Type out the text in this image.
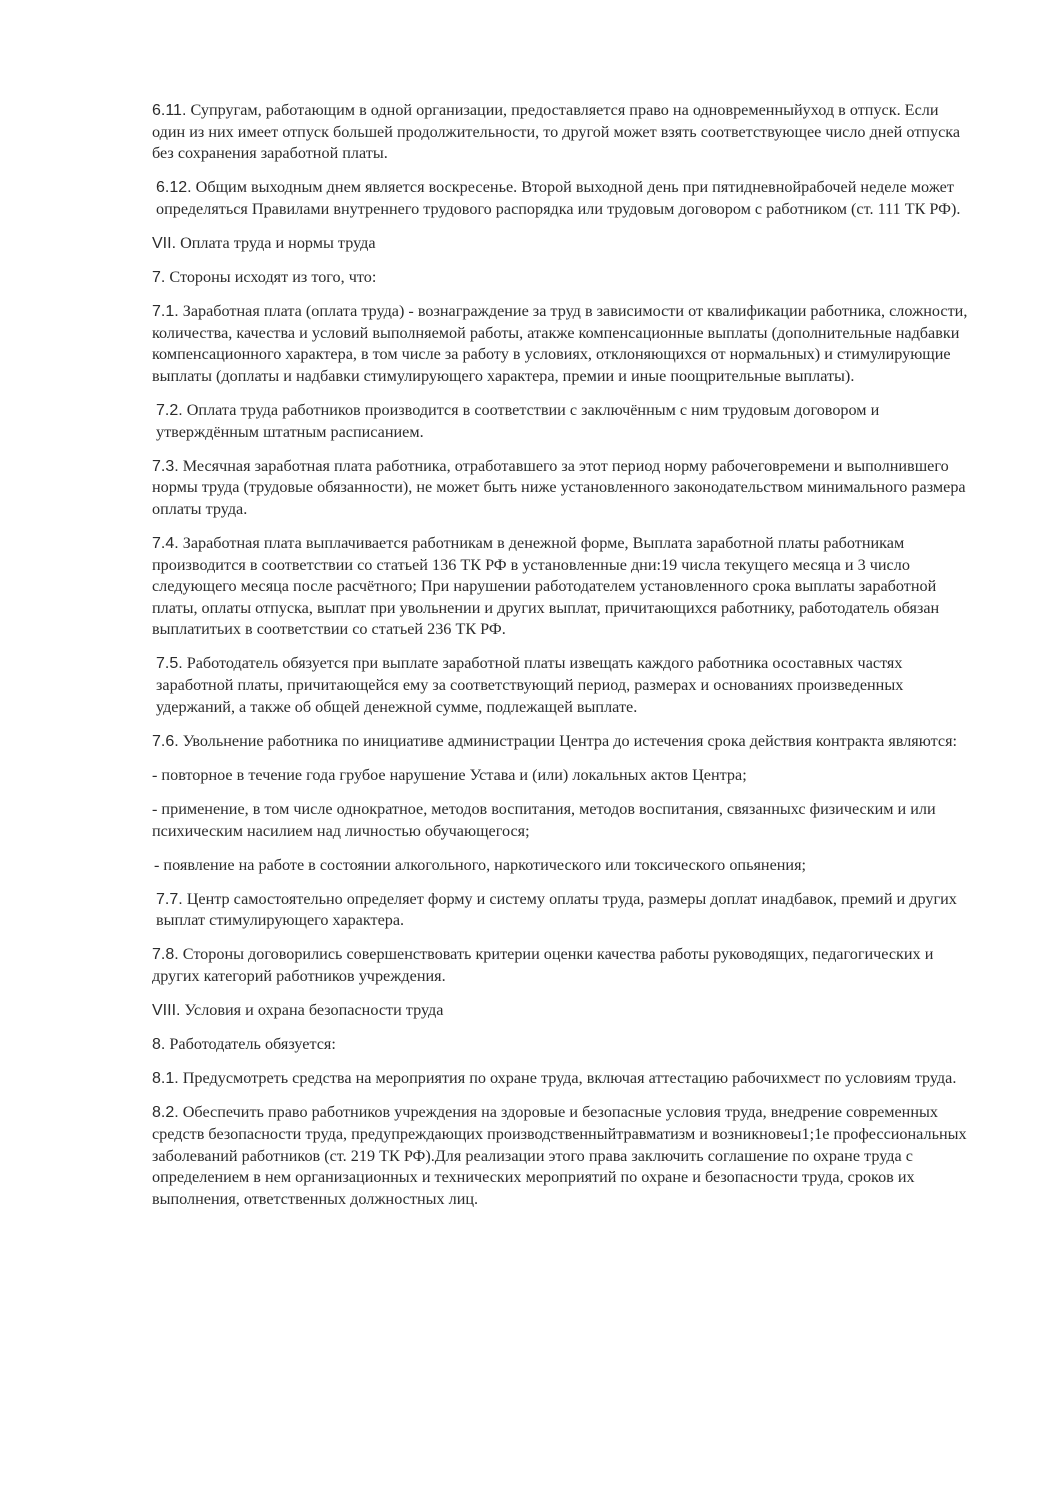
6.11. Супругам, работающим в одной организации, предоставляется право на одновременныйуход в отпуск. Если один из них имеет отпуск большей продолжительности, то другой может взять соответствующее число дней отпуска без сохранения заработной платы.

6.12. Общим выходным днем является воскресенье. Второй выходной день при пятидневнойрабочей неделе может определяться Правилами внутреннего трудового распорядка или трудовым договором с работником (ст. 111 ТК РФ).

VII. Оплата труда и нормы труда

7. Стороны исходят из того, что:

7.1. Заработная плата (оплата труда) - вознаграждение за труд в зависимости от квалификации работника, сложности, количества, качества и условий выполняемой работы, атакже компенсационные выплаты (дополнительные надбавки компенсационного характера, в том числе за работу в условиях, отклоняющихся от нормальных) и стимулирующие выплаты (доплаты и надбавки стимулирующего характера, премии и иные поощрительные выплаты).

7.2. Оплата труда работников производится в соответствии с заключённым с ним трудовым договором и утверждённым штатным расписанием.

7.3. Месячная заработная плата работника, отработавшего за этот период норму рабочеговремени и выполнившего нормы труда (трудовые обязанности), не может быть ниже установленного законодательством минимального размера оплаты труда.

7.4. Заработная плата выплачивается работникам в денежной форме, Выплата заработной платы работникам производится в соответствии со статьей 136 ТК РФ в установленные дни:19 числа текущего месяца и 3 число следующего месяца после расчётного; При нарушении работодателем установленного срока выплаты заработной платы, оплаты отпуска, выплат при увольнении и других выплат, причитающихся работнику, работодатель обязан выплатитьих в соответствии со статьей 236 ТК РФ.

7.5. Работодатель обязуется при выплате заработной платы извещать каждого работника осоставных частях заработной платы, причитающейся ему за соответствующий период, размерах и основаниях произведенных удержаний, а также об общей денежной сумме, подлежащей выплате.

7.6. Увольнение работника по инициативе администрации Центра до истечения срока действия контракта являются:

- повторное в течение года грубое нарушение Устава и (или) локальных актов Центра;

- применение, в том числе однократное, методов воспитания, методов воспитания, связанныхс физическим и или психическим насилием над личностью обучающегося;

- появление на работе в состоянии алкогольного, наркотического или токсического опьянения;

7.7. Центр самостоятельно определяет форму и систему оплаты труда, размеры доплат инадбавок, премий и других выплат стимулирующего характера.

7.8. Стороны договорились совершенствовать критерии оценки качества работы руководящих, педагогических и других категорий работников учреждения.

VIII. Условия и охрана безопасности труда

8. Работодатель обязуется:

8.1. Предусмотреть средства на мероприятия по охране труда, включая аттестацию рабочихмест по условиям труда.

8.2. Обеспечить право работников учреждения на здоровые и безопасные условия труда, внедрение современных средств безопасности труда, предупреждающих производственныйтравматизм и возникновеы1;1е профессиональных заболеваний работников (ст. 219 ТК РФ).Для реализации этого права заключить соглашение по охране труда с определением в нем организационных и технических мероприятий по охране и безопасности труда, сроков их выполнения, ответственных должностных лиц.
